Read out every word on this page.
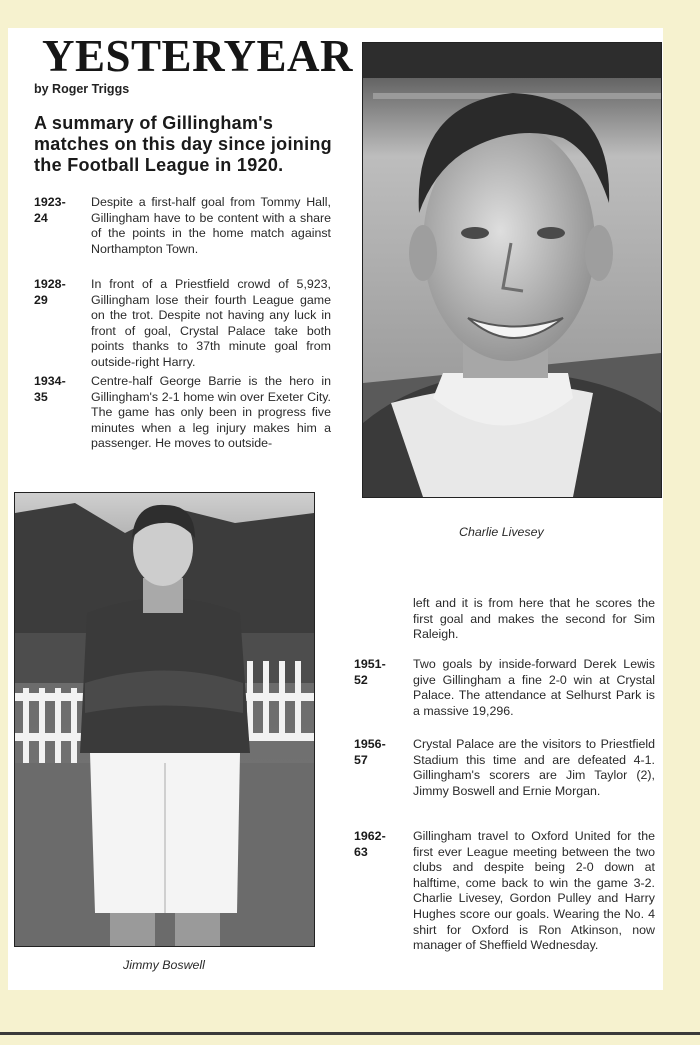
YESTERYEAR
by Roger Triggs

A summary of Gillingham's matches on this day since joining the Football League in 1920.

1923-24
Despite a first-half goal from Tommy Hall, Gillingham have to be content with a share of the points in the home match against Northampton Town.
1928-29
In front of a Priestfield crowd of 5,923, Gillingham lose their fourth League game on the trot. Despite not having any luck in front of goal, Crystal Palace take both points thanks to 37th minute goal from outside-right Harry.
1934-35
Centre-half George Barrie is the hero in Gillingham's 2-1 home win over Exeter City. The game has only been in progress five minutes when a leg injury makes him a passenger. He moves to outside-
Charlie Livesey
Jimmy Boswell
left and it is from here that he scores the first goal and makes the second for Sim Raleigh.
1951-52
Two goals by inside-forward Derek Lewis give Gillingham a fine 2-0 win at Crystal Palace. The attendance at Selhurst Park is a massive 19,296.
1956-57
Crystal Palace are the visitors to Priestfield Stadium this time and are defeated 4-1. Gillingham's scorers are Jim Taylor (2), Jimmy Boswell and Ernie Morgan.
1962-63
Gillingham travel to Oxford United for the first ever League meeting between the two clubs and despite being 2-0 down at halftime, come back to win the game 3-2. Charlie Livesey, Gordon Pulley and Harry Hughes score our goals. Wearing the No. 4 shirt for Oxford is Ron Atkinson, now manager of Sheffield Wednesday.
